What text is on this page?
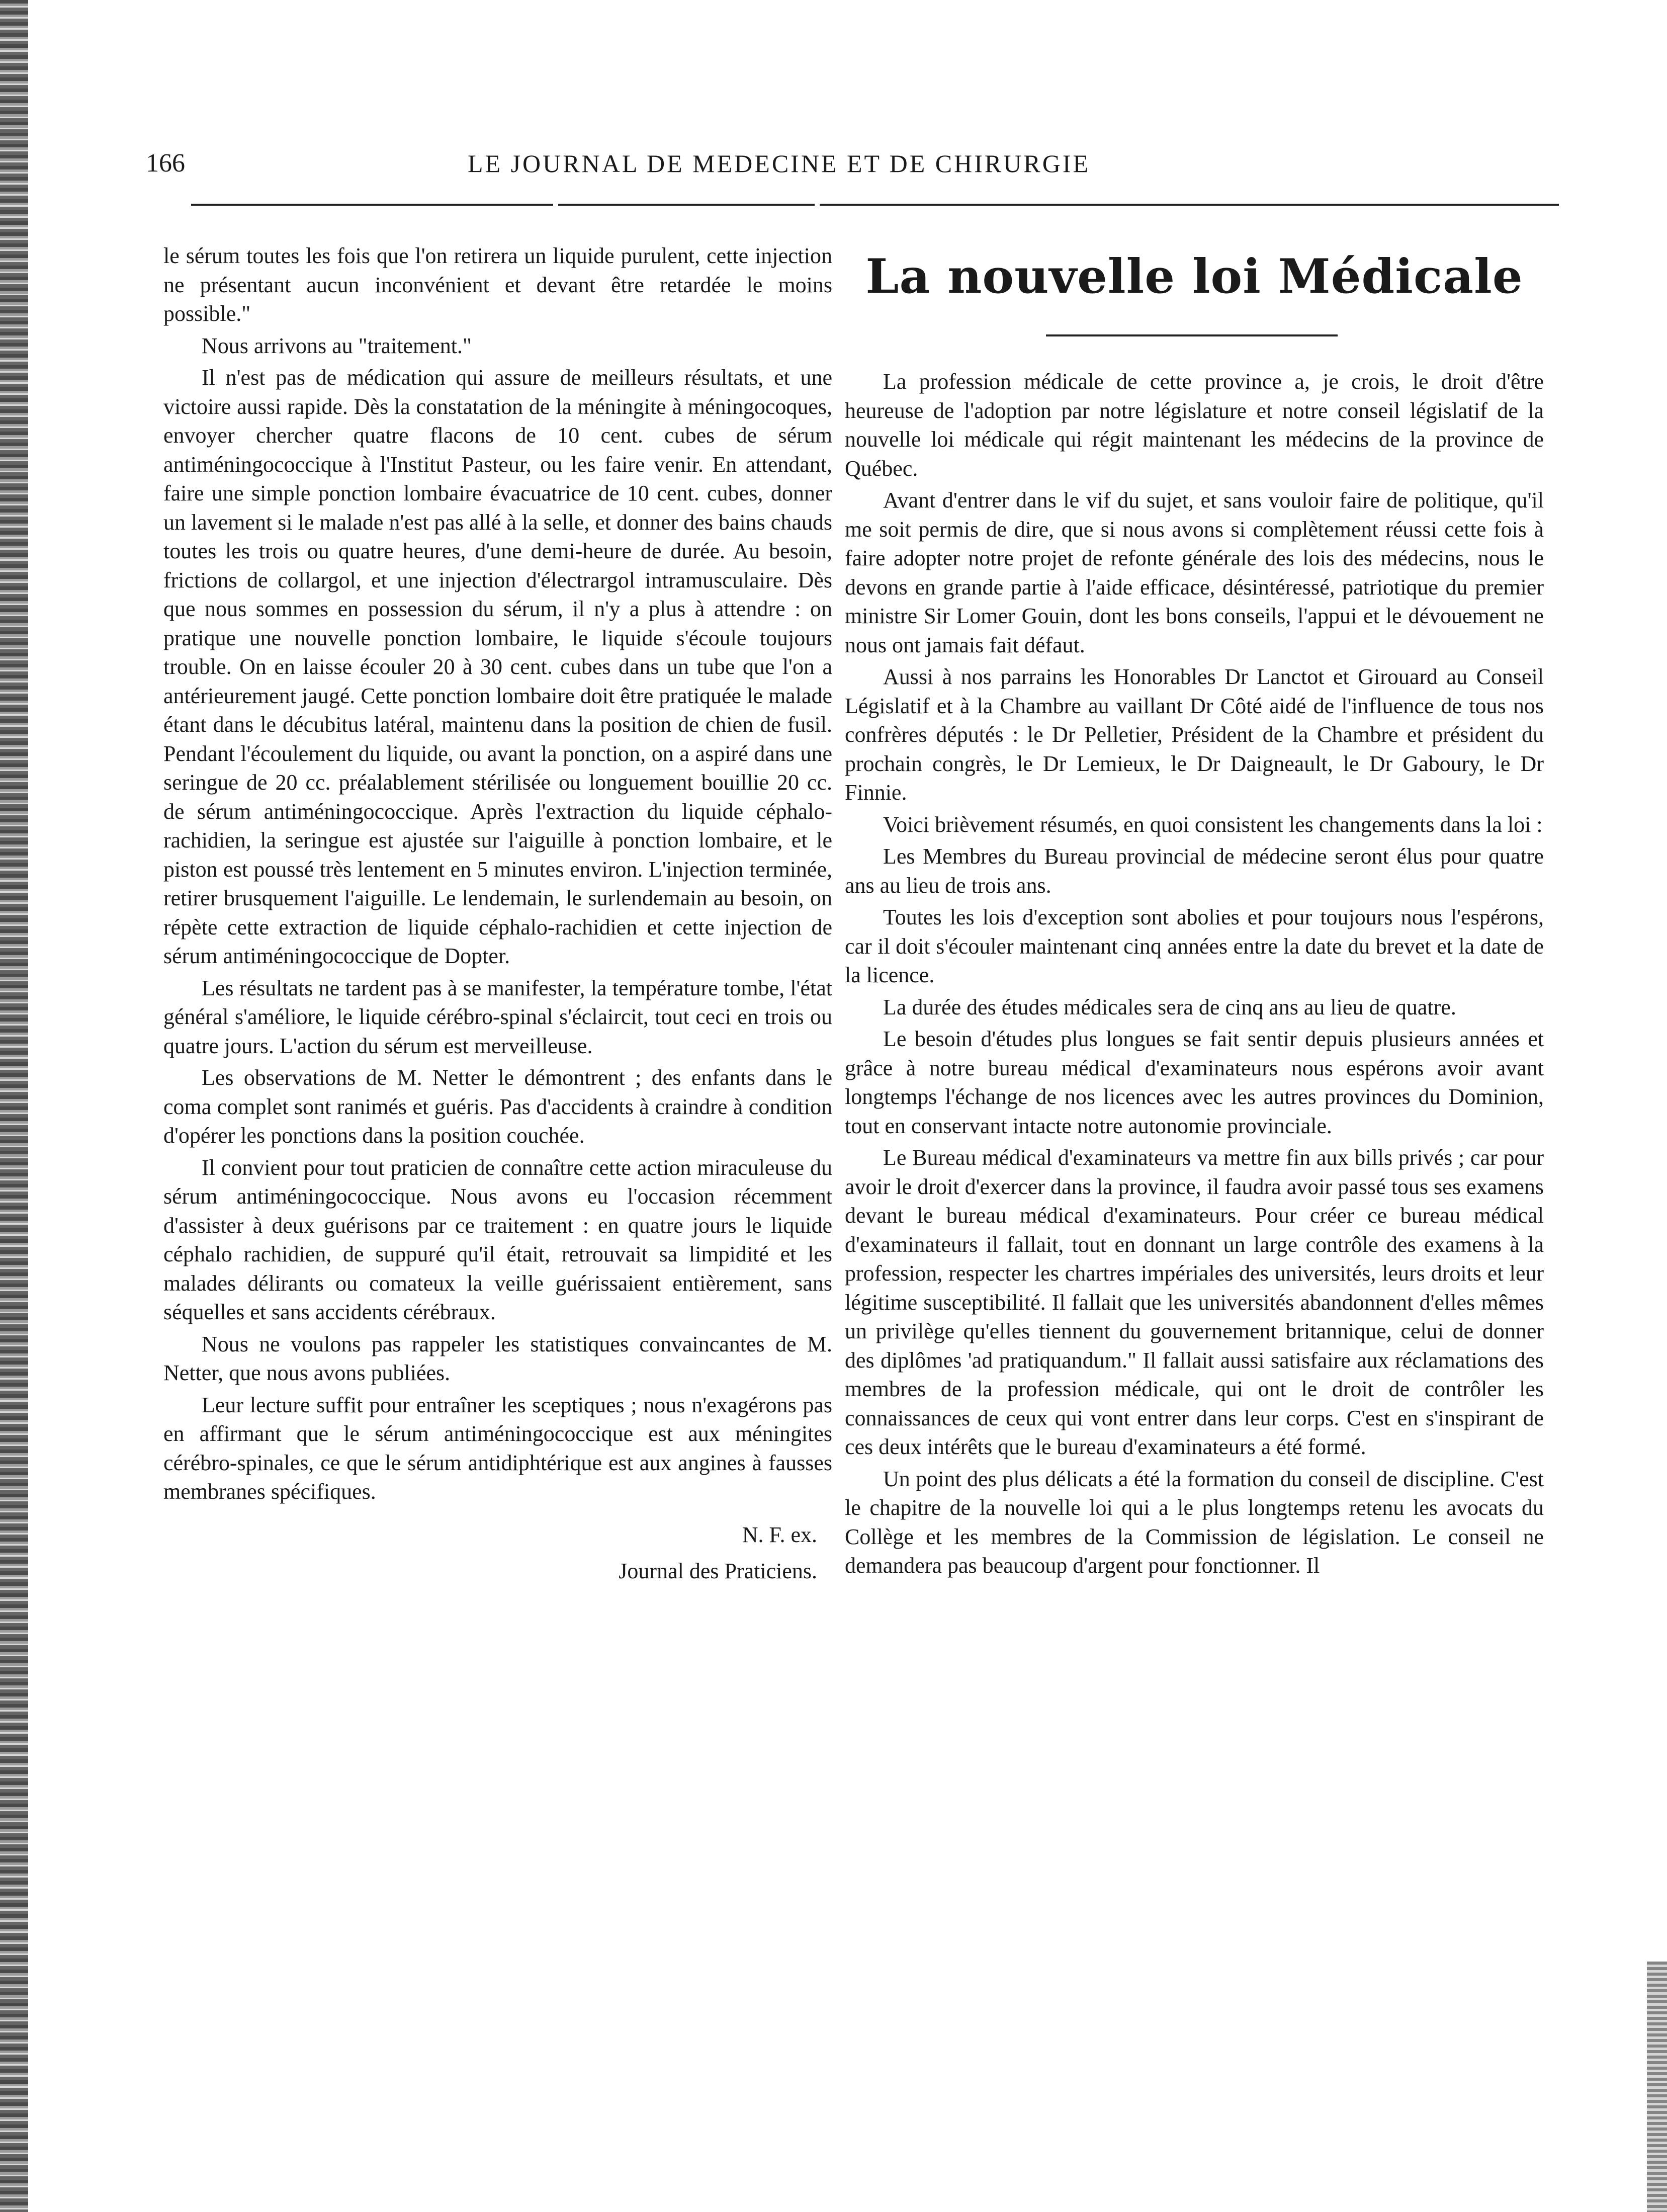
166	LE JOURNAL DE MEDECINE ET DE CHIRURGIE

le sérum toutes les fois que l'on retirera un liquide purulent, cette injection ne présentant aucun inconvénient et devant être retardée le moins possible."

Nous arrivons au "traitement."

Il n'est pas de médication qui assure de meilleurs résultats, et une victoire aussi rapide. Dès la constatation de la méningite à méningocoques, envoyer chercher quatre flacons de 10 cent. cubes de sérum antiméningococcique à l'Institut Pasteur, ou les faire venir. En attendant, faire une simple ponction lombaire évacuatrice de 10 cent. cubes, donner un lavement si le malade n'est pas allé à la selle, et donner des bains chauds toutes les trois ou quatre heures, d'une demi-heure de durée. Au besoin, frictions de collargol, et une injection d'électrargol intramusculaire. Dès que nous sommes en possession du sérum, il n'y a plus à attendre : on pratique une nouvelle ponction lombaire, le liquide s'écoule toujours trouble. On en laisse écouler 20 à 30 cent. cubes dans un tube que l'on a antérieurement jaugé. Cette ponction lombaire doit être pratiquée le malade étant dans le décubitus latéral, maintenu dans la position de chien de fusil. Pendant l'écoulement du liquide, ou avant la ponction, on a aspiré dans une seringue de 20 cc. préalablement stérilisée ou longuement bouillie 20 cc. de sérum antiméningococcique. Après l'extraction du liquide céphalo-rachidien, la seringue est ajustée sur l'aiguille à ponction lombaire, et le piston est poussé très lentement en 5 minutes environ. L'injection terminée, retirer brusquement l'aiguille. Le lendemain, le surlendemain au besoin, on répète cette extraction de liquide céphalo-rachidien et cette injection de sérum antiméningococcique de Dopter.

Les résultats ne tardent pas à se manifester, la température tombe, l'état général s'améliore, le liquide cérébro-spinal s'éclaircit, tout ceci en trois ou quatre jours. L'action du sérum est merveilleuse.

Les observations de M. Netter le démontrent ; des enfants dans le coma complet sont ranimés et guéris. Pas d'accidents à craindre à condition d'opérer les ponctions dans la position couchée.

Il convient pour tout praticien de connaître cette action miraculeuse du sérum antiméningococcique. Nous avons eu l'occasion récemment d'assister à deux guérisons par ce traitement : en quatre jours le liquide céphalo rachidien, de suppuré qu'il était, retrouvait sa limpidité et les malades délirants ou comateux la veille guérissaient entièrement, sans séquelles et sans accidents cérébraux.

Nous ne voulons pas rappeler les statistiques convaincantes de M. Netter, que nous avons publiées.

Leur lecture suffit pour entraîner les sceptiques ; nous n'exagérons pas en affirmant que le sérum antiméningococcique est aux méningites cérébro-spinales, ce que le sérum antidiphtérique est aux angines à fausses membranes spécifiques.

N. F. ex.
Journal des Praticiens.
La nouvelle loi Médicale

La profession médicale de cette province a, je crois, le droit d'être heureuse de l'adoption par notre législature et notre conseil législatif de la nouvelle loi médicale qui régit maintenant les médecins de la province de Québec.

Avant d'entrer dans le vif du sujet, et sans vouloir faire de politique, qu'il me soit permis de dire, que si nous avons si complètement réussi cette fois à faire adopter notre projet de refonte générale des lois des médecins, nous le devons en grande partie à l'aide efficace, désintéressé, patriotique du premier ministre Sir Lomer Gouin, dont les bons conseils, l'appui et le dévouement ne nous ont jamais fait défaut.

Aussi à nos parrains les Honorables Dr Lanctot et Girouard au Conseil Législatif et à la Chambre au vaillant Dr Côté aidé de l'influence de tous nos confrères députés : le Dr Pelletier, Président de la Chambre et président du prochain congrès, le Dr Lemieux, le Dr Daigneault, le Dr Gaboury, le Dr Finnie.

Voici brièvement résumés, en quoi consistent les changements dans la loi :

Les Membres du Bureau provincial de médecine seront élus pour quatre ans au lieu de trois ans.

Toutes les lois d'exception sont abolies et pour toujours nous l'espérons, car il doit s'écouler maintenant cinq années entre la date du brevet et la date de la licence.

La durée des études médicales sera de cinq ans au lieu de quatre.

Le besoin d'études plus longues se fait sentir depuis plusieurs années et grâce à notre bureau médical d'examinateurs nous espérons avoir avant longtemps l'échange de nos licences avec les autres provinces du Dominion, tout en conservant intacte notre autonomie provinciale.

Le Bureau médical d'examinateurs va mettre fin aux bills privés ; car pour avoir le droit d'exercer dans la province, il faudra avoir passé tous ses examens devant le bureau médical d'examinateurs. Pour créer ce bureau médical d'examinateurs il fallait, tout en donnant un large contrôle des examens à la profession, respecter les chartres impériales des universités, leurs droits et leur légitime susceptibilité. Il fallait que les universités abandonnent d'elles mêmes un privilège qu'elles tiennent du gouvernement britannique, celui de donner des diplômes 'ad pratiquandum." Il fallait aussi satisfaire aux réclamations des membres de la profession médicale, qui ont le droit de contrôler les connaissances de ceux qui vont entrer dans leur corps. C'est en s'inspirant de ces deux intérêts que le bureau d'examinateurs a été formé.

Un point des plus délicats a été la formation du conseil de discipline. C'est le chapitre de la nouvelle loi qui a le plus longtemps retenu les avocats du Collège et les membres de la Commission de législation. Le conseil ne demandera pas beaucoup d'argent pour fonctionner. Il
